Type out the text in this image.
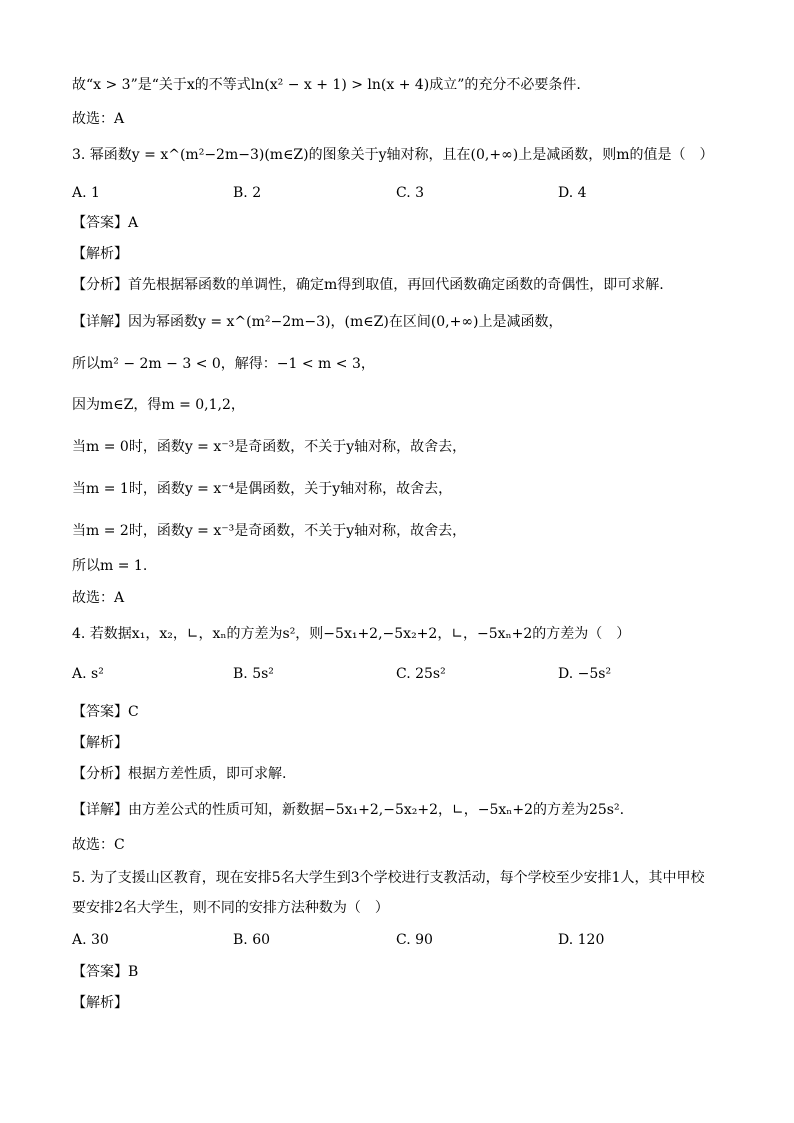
故“x > 3”是“关于x的不等式ln(x² − x + 1) > ln(x + 4)成立”的充分不必要条件.
故选：A
3. 幂函数y = x^(m²−2m−3)(m∈Z)的图象关于y轴对称，且在(0,+∞)上是减函数，则m的值是（　）
A. 1	B. 2	C. 3	D. 4
【答案】A
【解析】
【分析】首先根据幂函数的单调性，确定m得到取值，再回代函数确定函数的奇偶性，即可求解.
【详解】因为幂函数y = x^(m²−2m−3)，(m∈Z)在区间(0,+∞)上是减函数，
所以m² − 2m − 3 < 0，解得：−1 < m < 3，
因为m∈Z，得m = 0,1,2，
当m = 0时，函数y = x⁻³是奇函数，不关于y轴对称，故舍去，
当m = 1时，函数y = x⁻⁴是偶函数，关于y轴对称，故舍去，
当m = 2时，函数y = x⁻³是奇函数，不关于y轴对称，故舍去，
所以m = 1.
故选：A
4. 若数据x₁，x₂，∟，xₙ的方差为s²，则−5x₁+2,−5x₂+2，∟，−5xₙ+2的方差为（　）
A. s²	B. 5s²	C. 25s²	D. −5s²
【答案】C
【解析】
【分析】根据方差性质，即可求解.
【详解】由方差公式的性质可知，新数据−5x₁+2,−5x₂+2，∟，−5xₙ+2的方差为25s².
故选：C
5. 为了支援山区教育，现在安排5名大学生到3个学校进行支教活动，每个学校至少安排1人，其中甲校
要安排2名大学生，则不同的安排方法种数为（　）
A. 30	B. 60	C. 90	D. 120
【答案】B
【解析】
